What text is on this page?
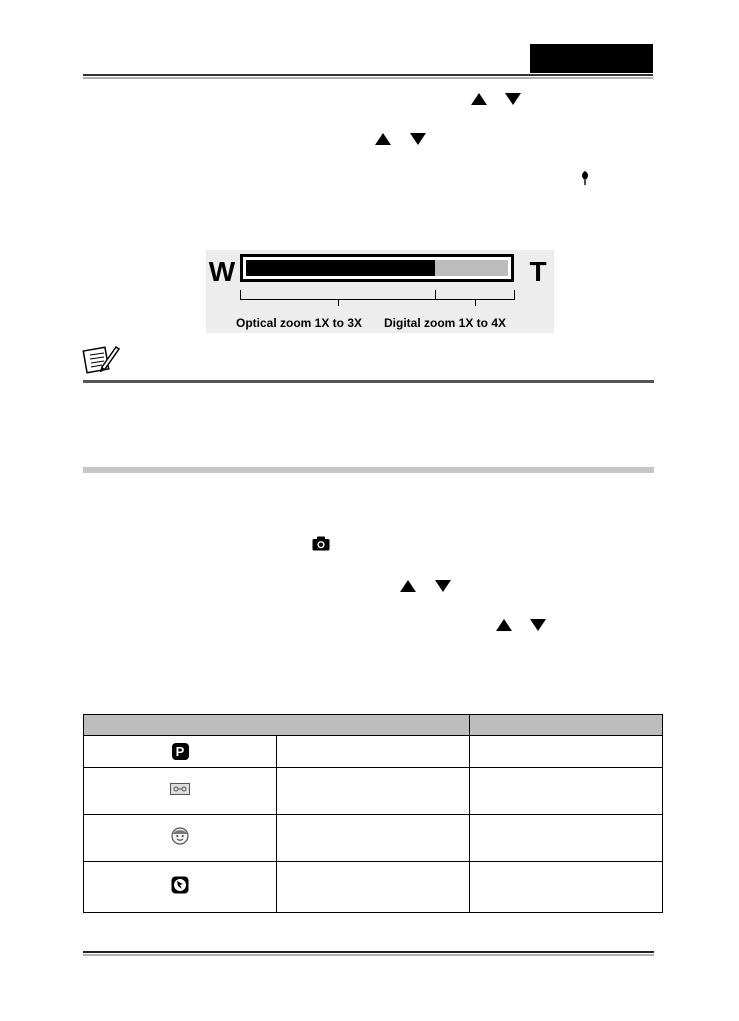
W	T
Optical zoom 1X to 3X Digital zoom 1X to 4X

P		
